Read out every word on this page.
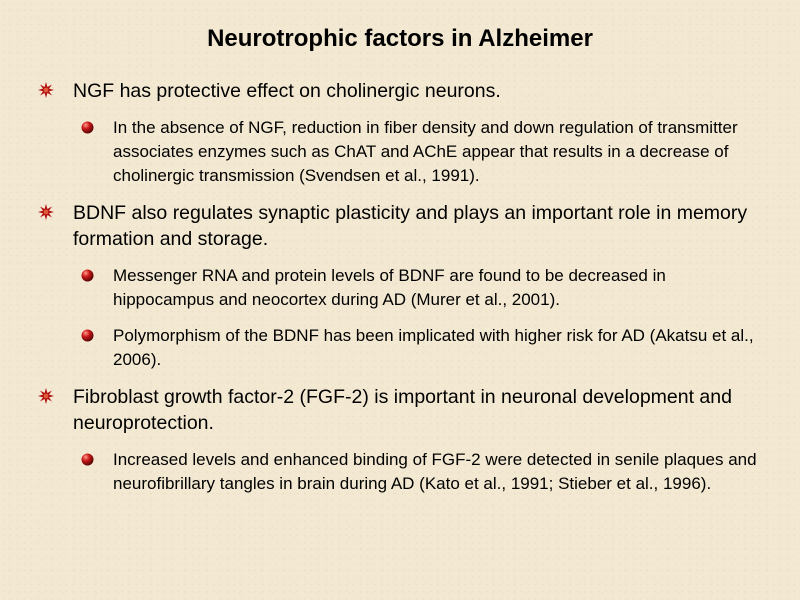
Neurotrophic factors in Alzheimer
NGF has protective effect on cholinergic neurons.
In the absence of NGF, reduction in fiber density and down regulation of transmitter associates enzymes such as ChAT and AChE appear that results in a decrease of cholinergic transmission (Svendsen et al., 1991).
BDNF also regulates synaptic plasticity and plays an important role in memory formation and storage.
Messenger RNA and protein levels of BDNF are found to be decreased in hippocampus and neocortex during AD (Murer et al., 2001).
Polymorphism of the BDNF has been implicated with higher risk for AD (Akatsu et al., 2006).
Fibroblast growth factor-2 (FGF-2) is important in neuronal development and neuroprotection.
Increased levels and enhanced binding of FGF-2 were detected in senile plaques and neurofibrillary tangles in brain during AD (Kato et al., 1991; Stieber et al., 1996).
